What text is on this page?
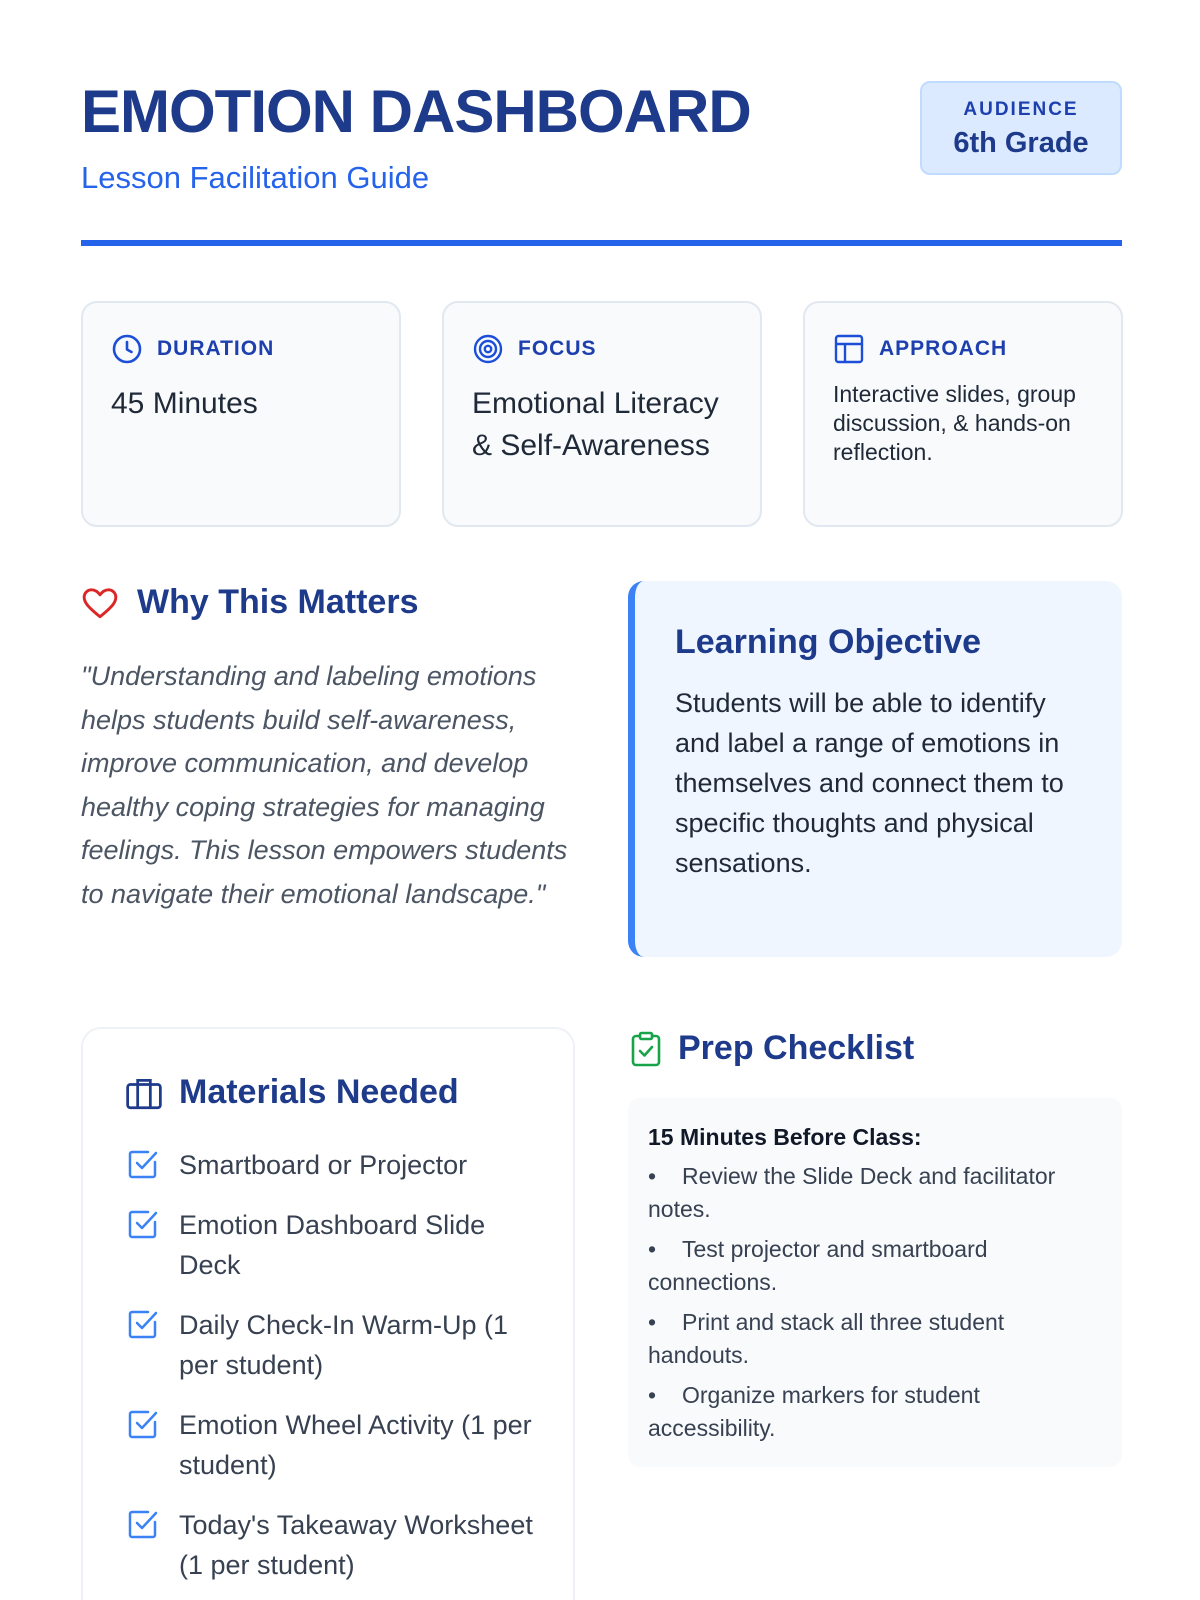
EMOTION DASHBOARD
Lesson Facilitation Guide
AUDIENCE
6th Grade
DURATION
45 Minutes
FOCUS
Emotional Literacy & Self-Awareness
APPROACH
Interactive slides, group discussion, & hands-on reflection.
Why This Matters

"Understanding and labeling emotions helps students build self-awareness, improve communication, and develop healthy coping strategies for managing feelings. This lesson empowers students to navigate their emotional landscape."

Learning Objective

Students will be able to identify and label a range of emotions in themselves and connect them to specific thoughts and physical sensations.

Materials Needed
Smartboard or Projector
Emotion Dashboard Slide Deck
Daily Check-In Warm-Up (1 per student)
Emotion Wheel Activity (1 per student)
Today's Takeaway Worksheet (1 per student)
Prep Checklist
15 Minutes Before Class:
• Review the Slide Deck and facilitator notes.
• Test projector and smartboard connections.
• Print and stack all three student handouts.
• Organize markers for student accessibility.
